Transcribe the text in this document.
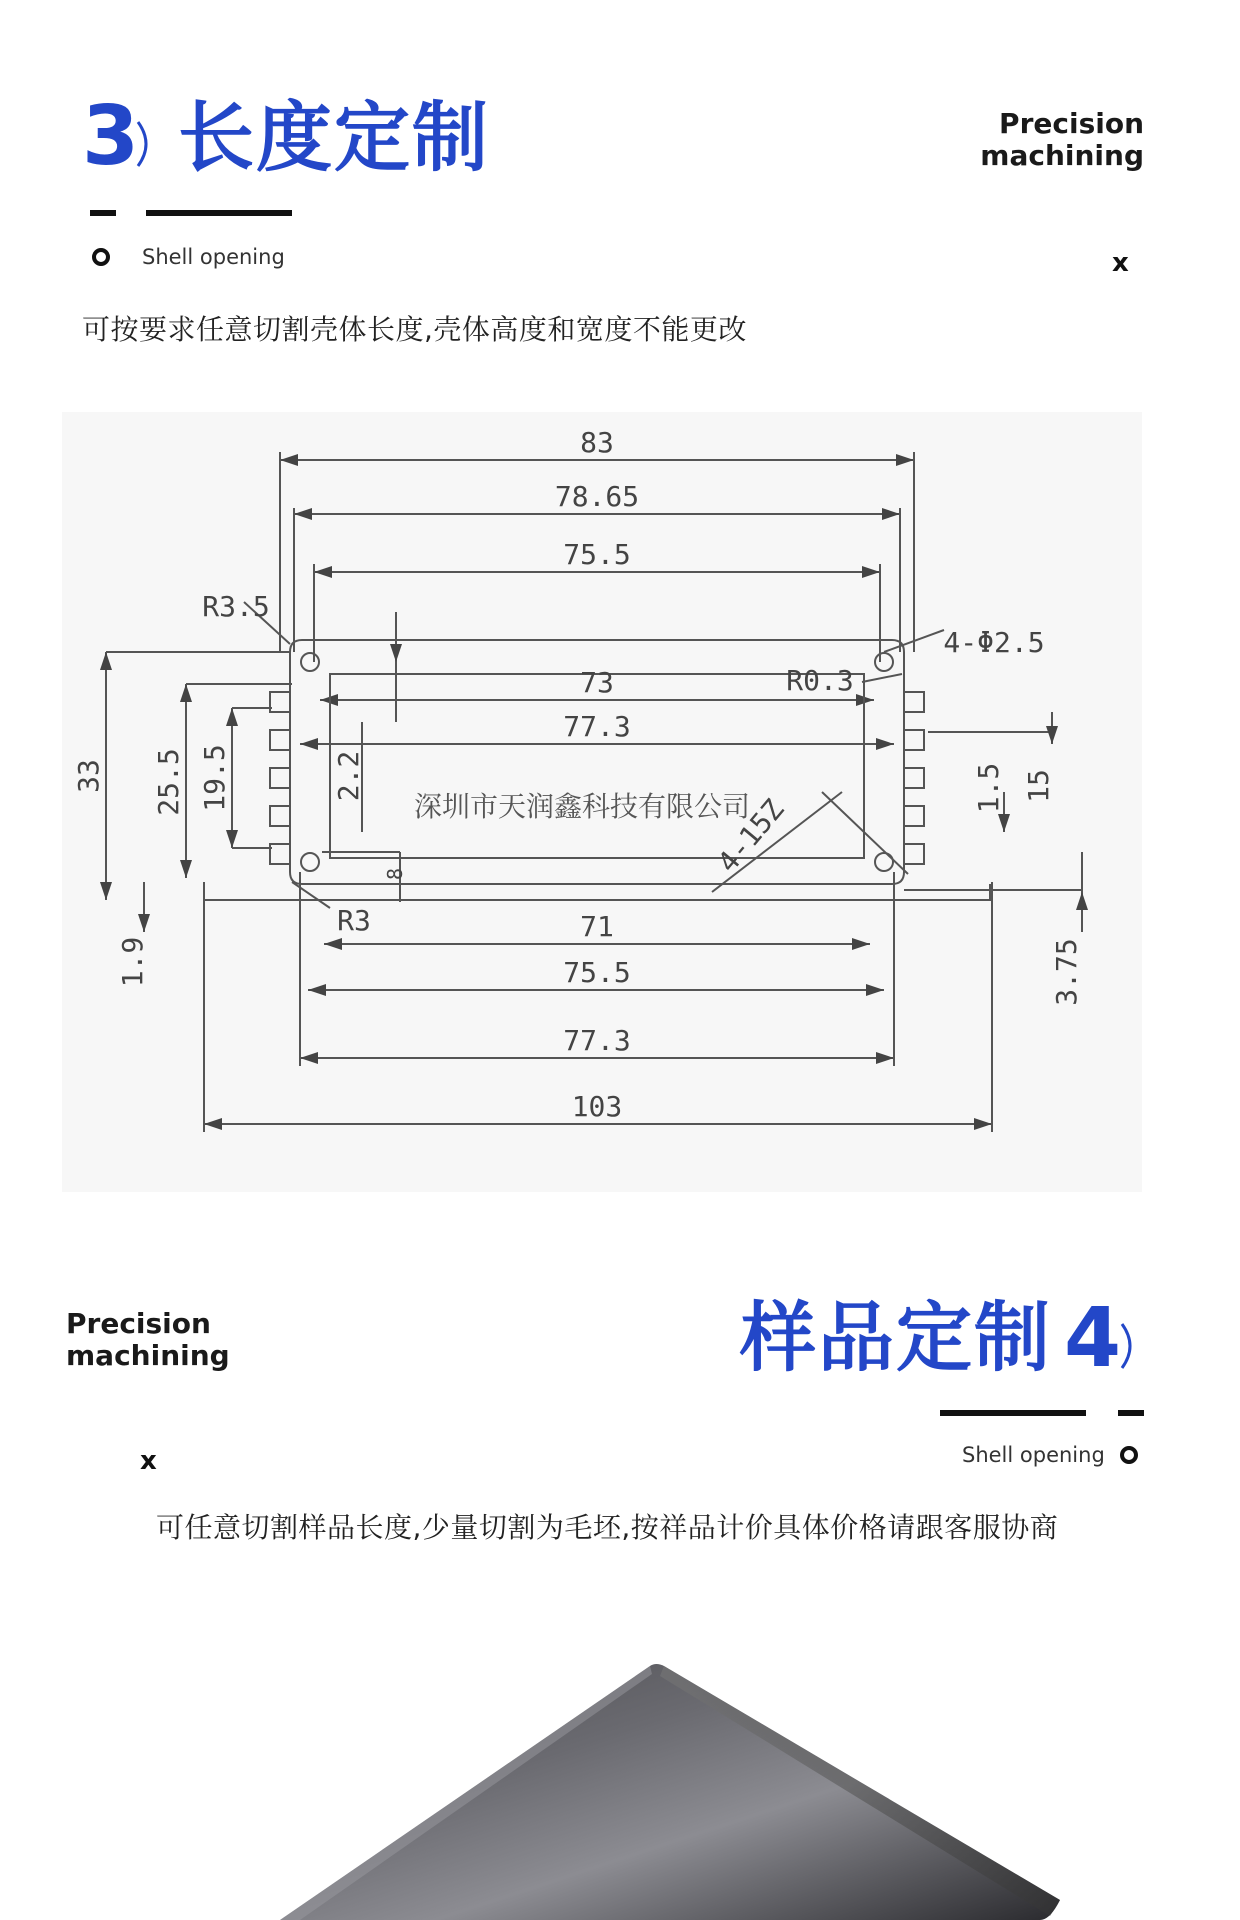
3 长度定制	Precision
machining
Shell opening	x
可按要求任意切割壳体长度,壳体高度和宽度不能更改
83
78.65
75.5
73
77.3
71
75.5
77.3
103
R3.5
R0.3
R3
4-Φ2.5
33 25.5 19.5	2.2
1.9
8
1.5 15
3.75
4-15Z
深圳市天润鑫科技有限公司
Precision
machining	样品定制 4
x	Shell opening
可任意切割样品长度,少量切割为毛坯,按祥品计价具体价格请跟客服协商
